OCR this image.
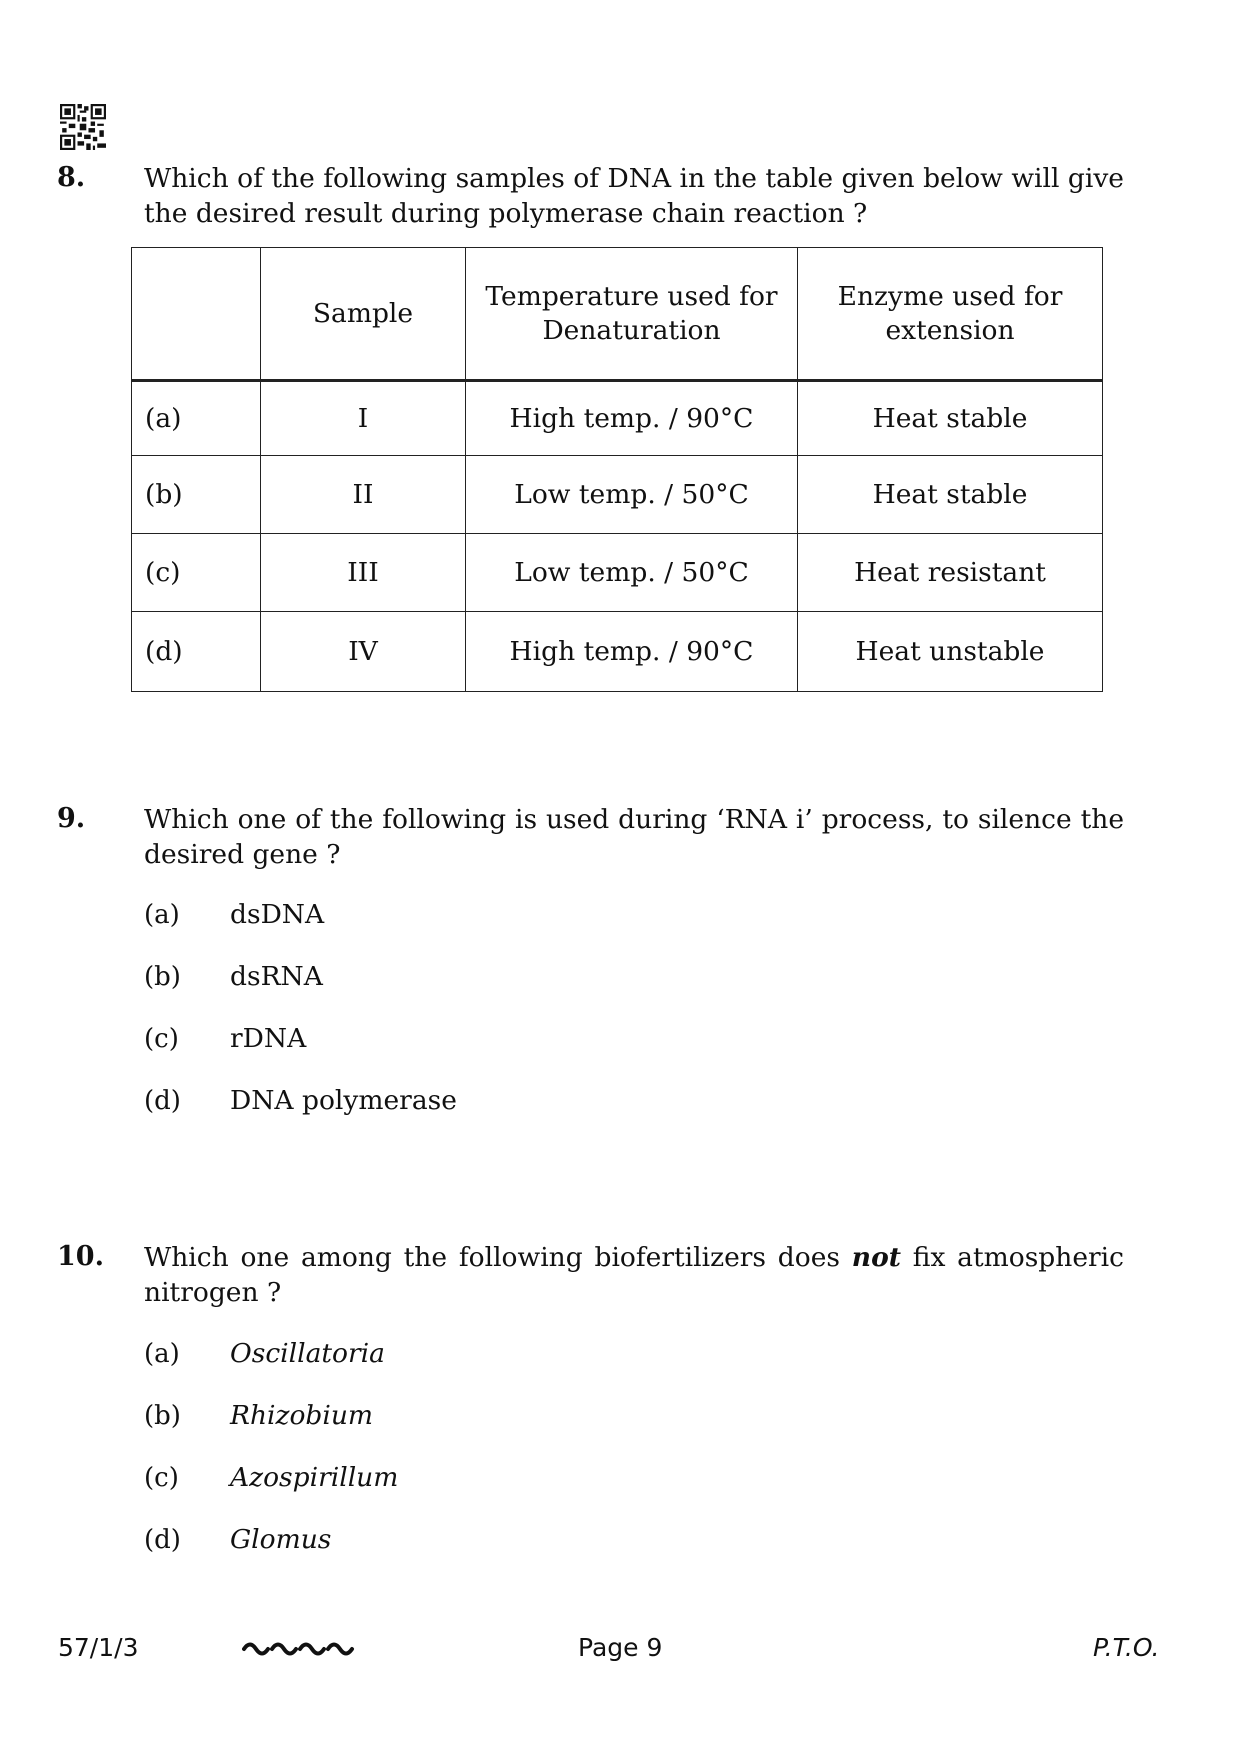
8. Which of the following samples of DNA in the table given below will give the desired result during polymerase chain reaction ?
	Sample	Temperature used for Denaturation	Enzyme used for extension
(a)	I	High temp. / 90°C	Heat stable
(b)	II	Low temp. / 50°C	Heat stable
(c)	III	Low temp. / 50°C	Heat resistant
(d)	IV	High temp. / 90°C	Heat unstable
9. Which one of the following is used during ‘RNA i’ process, to silence the desired gene ?
(a) dsDNA
(b) dsRNA
(c) rDNA
(d) DNA polymerase
10. Which one among the following biofertilizers does not fix atmospheric nitrogen ?
(a) Oscillatoria
(b) Rhizobium
(c) Azospirillum
(d) Glomus
57/1/3	Page 9	P.T.O.
